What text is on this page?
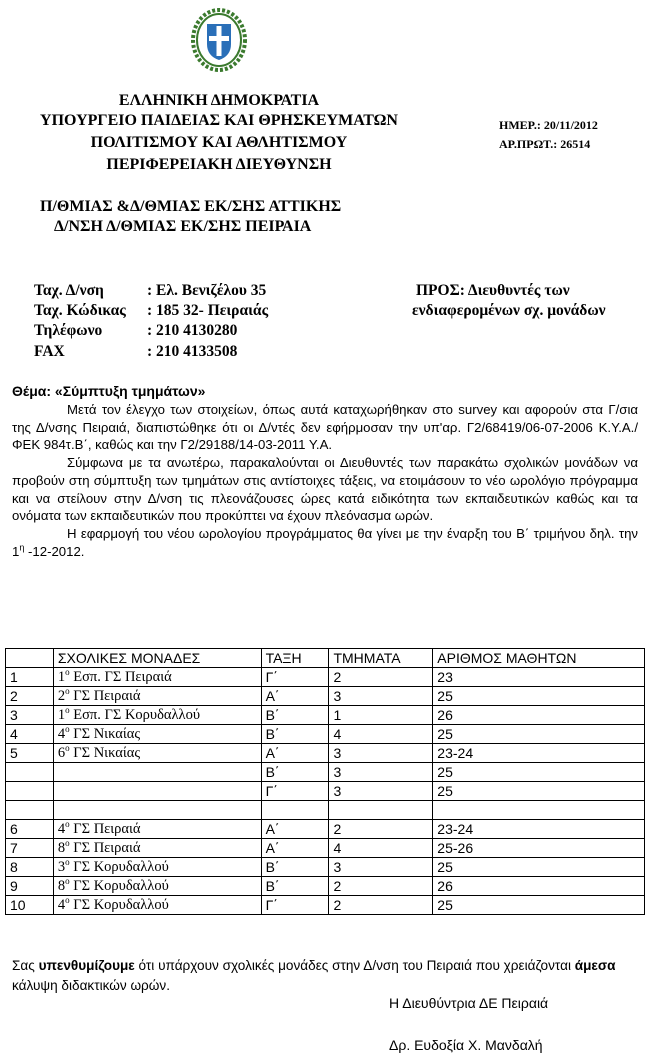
ΕΛΛΗΝΙΚΗ ΔΗΜΟΚΡΑΤΙΑ
ΥΠΟΥΡΓΕΙΟ ΠΑΙΔΕΙΑΣ ΚΑΙ ΘΡΗΣΚΕΥΜΑΤΩΝ
ΠΟΛΙΤΙΣΜΟΥ ΚΑΙ ΑΘΛΗΤΙΣΜΟΥ
ΠΕΡΙΦΕΡΕΙΑΚΗ ΔΙΕΥΘΥΝΣΗ
ΗΜΕΡ.: 20/11/2012
ΑΡ.ΠΡΩΤ.: 26514
Π/ΘΜΙΑΣ &Δ/ΘΜΙΑΣ ΕΚ/ΣΗΣ ΑΤΤΙΚΗΣ
Δ/ΝΣΗ Δ/ΘΜΙΑΣ ΕΚ/ΣΗΣ ΠΕΙΡΑΙΑ
Ταχ. Δ/νση	: Ελ. Βενιζέλου 35
Ταχ. Κώδικας : 185 32- Πειραιάς
Τηλέφωνο	: 210 4130280
FAX	: 210 4133508
ΠΡΟΣ: Διευθυντές των
ενδιαφερομένων σχ. μονάδων
Θέμα: «Σύμπτυξη τμημάτων»

Μετά τον έλεγχο των στοιχείων, όπως αυτά καταχωρήθηκαν στο survey και αφορούν στα Γ/σια της Δ/νσης Πειραιά, διαπιστώθηκε ότι οι Δ/ντές δεν εφήρμοσαν την υπ'αρ. Γ2/68419/06-07-2006 Κ.Υ.Α./ΦΕΚ 984τ.Β΄, καθώς και την Γ2/29188/14-03-2011 Υ.Α.

Σύμφωνα με τα ανωτέρω, παρακαλούνται οι Διευθυντές των παρακάτω σχολικών μονάδων να προβούν στη σύμπτυξη των τμημάτων στις αντίστοιχες τάξεις, να ετοιμάσουν το νέο ωρολόγιο πρόγραμμα και να στείλουν στην Δ/νση τις πλεονάζουσες ώρες κατά ειδικότητα των εκπαιδευτικών καθώς και τα ονόματα των εκπαιδευτικών που προκύπτει να έχουν πλεόνασμα ωρών.

Η εφαρμογή του νέου ωρολογίου προγράμματος θα γίνει με την έναρξη του Β΄ τριμήνου δηλ. την $1^\eta$ -12-2012.

	ΣΧΟΛΙΚΕΣ ΜΟΝΑΔΕΣ	ΤΑΞΗ	ΤΜΗΜΑΤΑ	ΑΡΙΘΜΟΣ ΜΑΘΗΤΩΝ
1	$1^o$ Εσπ. ΓΣ Πειραιά	Γ΄	2	23
2	$2^o$ ΓΣ Πειραιά	Α΄	3	25
3	$1^o$ Εσπ. ΓΣ Κορυδαλλού	Β΄	1	26
4	$4^o$ ΓΣ Νικαίας	Β΄	4	25
5	$6^o$ ΓΣ Νικαίας	Α΄	3	23-24
		Β΄	3	25
		Γ΄	3	25

6	$4^o$ ΓΣ Πειραιά	Α΄	2	23-24
7	$8^o$ ΓΣ Πειραιά	Α΄	4	25-26
8	$3^o$ ΓΣ Κορυδαλλού	Β΄	3	25
9	$8^o$ ΓΣ Κορυδαλλού	Β΄	2	26
10	$4^o$ ΓΣ Κορυδαλλού	Γ΄	2	25
Σας υπενθυμίζουμε ότι υπάρχουν σχολικές μονάδες στην Δ/νση του Πειραιά που χρειάζονται άμεσα κάλυψη διδακτικών ωρών.
Η Διευθύντρια ΔΕ Πειραιά
Δρ. Ευδοξία Χ. Μανδαλή
